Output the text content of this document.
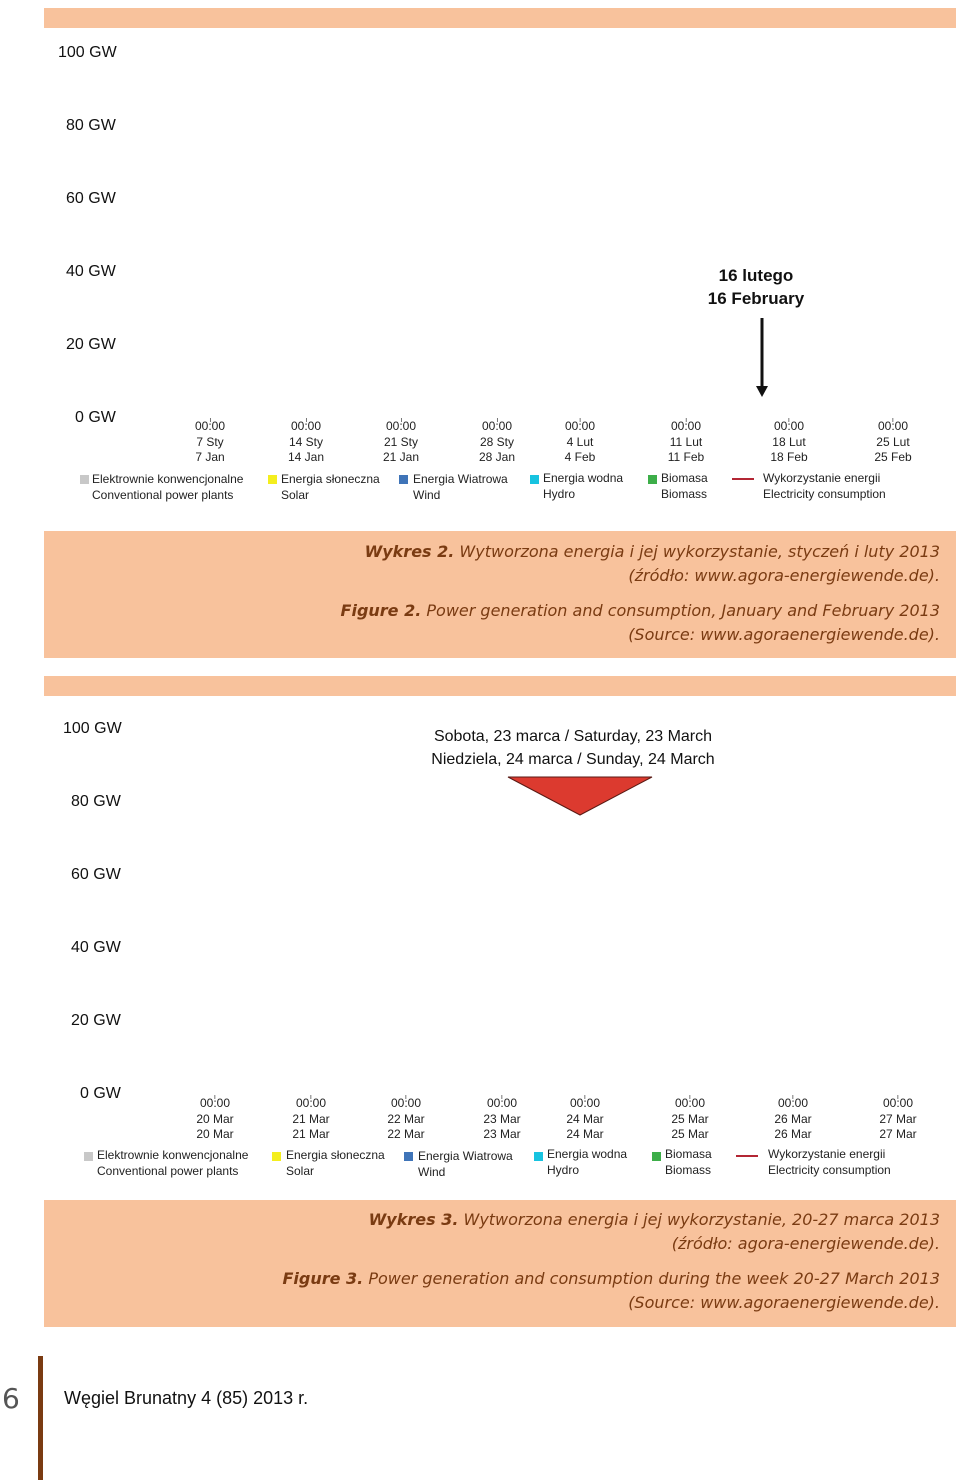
100 GW
80 GW
60 GW
40 GW
20 GW
0 GW
16 lutego
16 February
00:00
7 Sty
7 Jan
00:00
14 Sty
14 Jan
00:00
21 Sty
21 Jan
00:00
28 Sty
28 Jan
00:00
4 Lut
4 Feb
00:00
11 Lut
11 Feb
00:00
18 Lut
18 Feb
00:00
25 Lut
25 Feb
Elektrownie konwencjonalne
Conventional power plants
Energia słoneczna
Solar
Energia Wiatrowa
Wind
Energia wodna
Hydro
Biomasa
Biomass
Wykorzystanie energii
Electricity consumption
Wykres 2. Wytworzona energia i jej wykorzystanie, styczeń i luty 2013
(źródło: www.agora-energiewende.de).
Figure 2. Power generation and consumption, January and February 2013
(Source: www.agoraenergiewende.de).
100 GW
80 GW
60 GW
40 GW
20 GW
0 GW
Sobota, 23 marca / Saturday, 23 March
Niedziela, 24 marca / Sunday, 24 March
00:00
20 Mar
20 Mar
00:00
21 Mar
21 Mar
00:00
22 Mar
22 Mar
00:00
23 Mar
23 Mar
00:00
24 Mar
24 Mar
00:00
25 Mar
25 Mar
00:00
26 Mar
26 Mar
00:00
27 Mar
27 Mar
Elektrownie konwencjonalne
Conventional power plants
Energia słoneczna
Solar
Energia Wiatrowa
Wind
Energia wodna
Hydro
Biomasa
Biomass
Wykorzystanie energii
Electricity consumption
Wykres 3. Wytworzona energia i jej wykorzystanie, 20-27 marca 2013
(źródło: agora-energiewende.de).
Figure 3. Power generation and consumption during the week 20-27 March 2013
(Source: www.agoraenergiewende.de).
6 Węgiel Brunatny 4 (85) 2013 r.
